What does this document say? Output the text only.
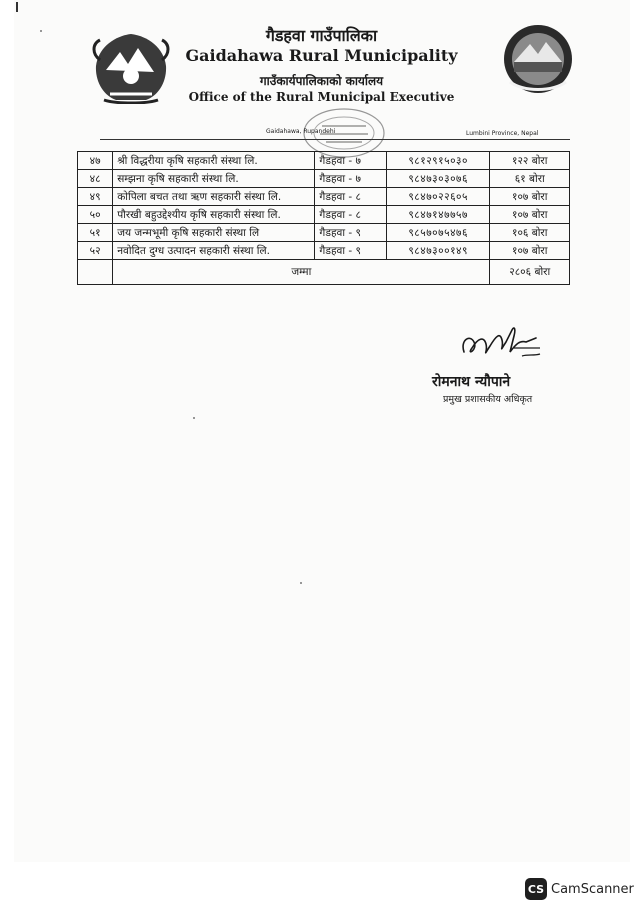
गैडहवा गाउँपालिका
Gaidahawa Rural Municipality
गाउँकार्यपालिकाको कार्यालय
Office of the Rural Municipal Executive
Gaidahawa, Rupandehi	Lumbini Province, Nepal
४७	श्री विद्धरीया कृषि सहकारी संस्था लि.	गैडहवा - ७	९८१२९१५०३०	१२२ बोरा
४८	सम्झना कृषि सहकारी संस्था लि.	गैडहवा - ७	९८४७३०३०७६	६१ बोरा
४९	कोपिला बचत तथा ऋण सहकारी संस्था लि.	गैडहवा - ८	९८४७०२२६०५	१०७ बोरा
५०	पौरखी बहुउद्देश्यीय कृषि सहकारी संस्था लि.	गैडहवा - ८	९८४७१४७७५७	१०७ बोरा
५१	जय जन्मभूमी कृषि सहकारी संस्था लि	गैडहवा - ९	९८५७०७५४७६	१०६ बोरा
५२	नवोदित दुग्ध उत्पादन सहकारी संस्था लि.	गैडहवा - ९	९८४७३००१४९	१०७ बोरा
	जम्मा			२८०६ बोरा
रोमनाथ न्यौपाने
प्रमुख प्रशासकीय अधिकृत
CS CamScanner
